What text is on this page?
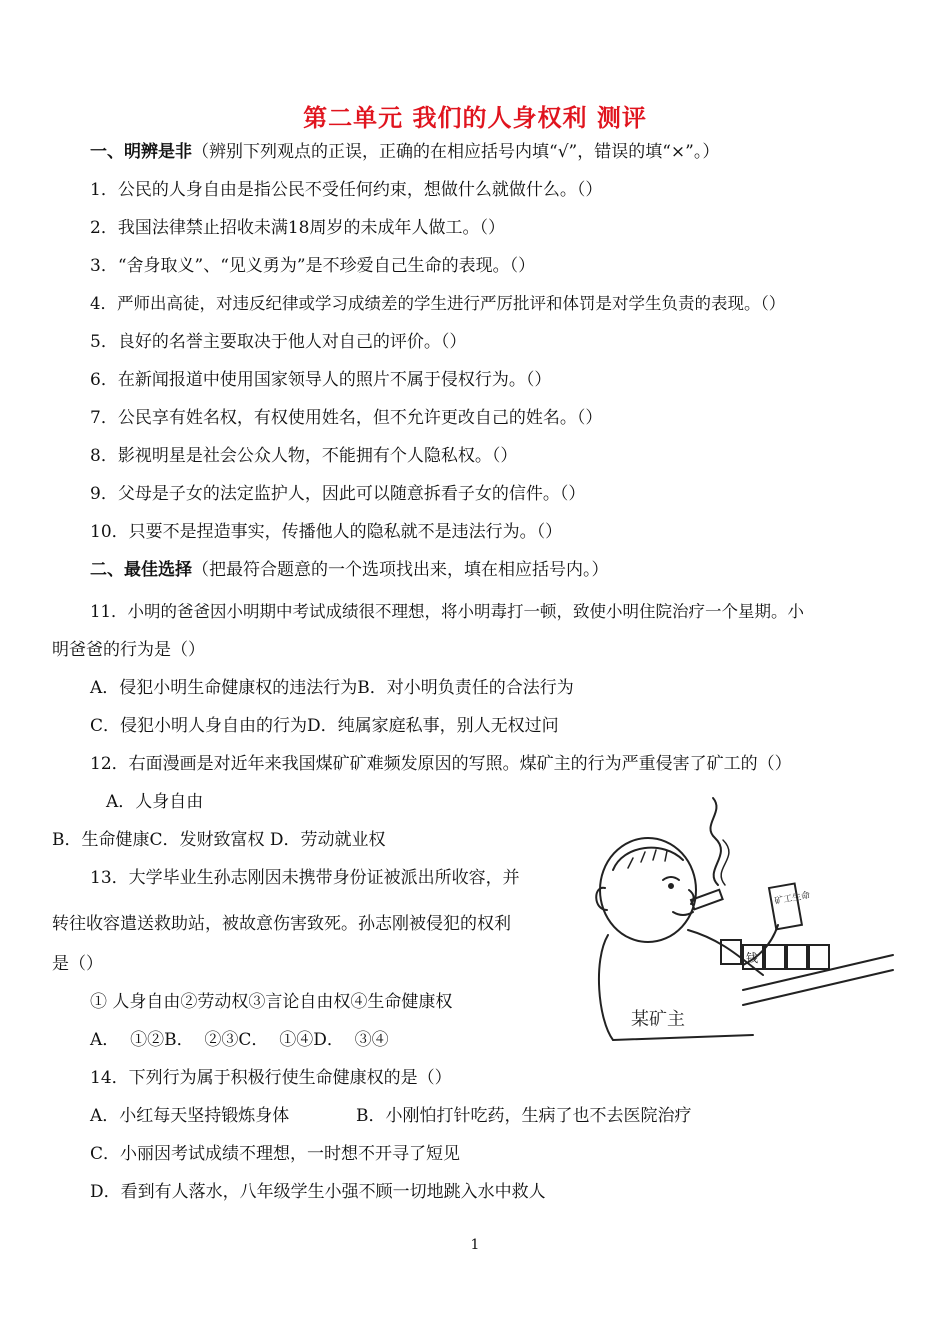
第二单元 我们的人身权利 测评
一、明辨是非（辨别下列观点的正误，正确的在相应括号内填“√”，错误的填“×”。）
1．公民的人身自由是指公民不受任何约束，想做什么就做什么。（）
2．我国法律禁止招收未满18周岁的未成年人做工。（）
3．“舍身取义”、“见义勇为”是不珍爱自己生命的表现。（）
4．严师出高徒，对违反纪律或学习成绩差的学生进行严厉批评和体罚是对学生负责的表现。（）
5．良好的名誉主要取决于他人对自己的评价。（）
6．在新闻报道中使用国家领导人的照片不属于侵权行为。（）
7．公民享有姓名权，有权使用姓名，但不允许更改自己的姓名。（）
8．影视明星是社会公众人物，不能拥有个人隐私权。（）
9．父母是子女的法定监护人，因此可以随意拆看子女的信件。（）
10．只要不是捏造事实，传播他人的隐私就不是违法行为。（）
二、最佳选择（把最符合题意的一个选项找出来，填在相应括号内。）
11．小明的爸爸因小明期中考试成绩很不理想，将小明毒打一顿，致使小明住院治疗一个星期。小
明爸爸的行为是（）
A．侵犯小明生命健康权的违法行为B．对小明负责任的合法行为
C．侵犯小明人身自由的行为D．纯属家庭私事，别人无权过问
12．右面漫画是对近年来我国煤矿矿难频发原因的写照。煤矿主的行为严重侵害了矿工的（）
A．人身自由
B．生命健康C．发财致富权 D．劳动就业权
13．大学毕业生孙志刚因未携带身份证被派出所收容，并
转往收容遣送救助站，被故意伤害致死。孙志刚被侵犯的权利
是（）
① 人身自由②劳动权③言论自由权④生命健康权
A．  ①②B．  ②③C．  ①④D．  ③④
14．下列行为属于积极行使生命健康权的是（）
A．小红每天坚持锻炼身体	B．小刚怕打针吃药，生病了也不去医院治疗
C．小丽因考试成绩不理想，一时想不开寻了短见
D．看到有人落水，八年级学生小强不顾一切地跳入水中救人
矿工生命
钱
某矿主
1
